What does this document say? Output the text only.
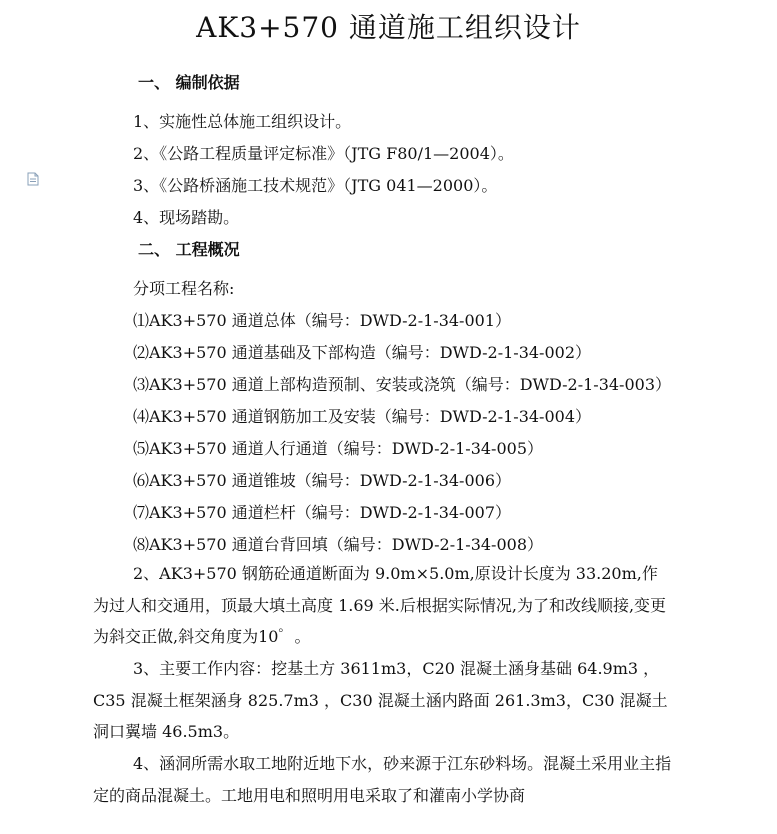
AK3+570 通道施工组织设计
一、 编制依据
1、实施性总体施工组织设计。
2、《公路工程质量评定标准》（JTG F80/1—2004）。
3、《公路桥涵施工技术规范》（JTG 041—2000）。
4、现场踏勘。
二、 工程概况
分项工程名称:
⑴AK3+570 通道总体（编号：DWD-2-1-34-001）
⑵AK3+570 通道基础及下部构造（编号：DWD-2-1-34-002）
⑶AK3+570 通道上部构造预制、安装或浇筑（编号：DWD-2-1-34-003）
⑷AK3+570 通道钢筋加工及安装（编号：DWD-2-1-34-004）
⑸AK3+570 通道人行通道（编号：DWD-2-1-34-005）
⑹AK3+570 通道锥坡（编号：DWD-2-1-34-006）
⑺AK3+570 通道栏杆（编号：DWD-2-1-34-007）
⑻AK3+570 通道台背回填（编号：DWD-2-1-34-008）
2、AK3+570 钢筋砼通道断面为 9.0m×5.0m,原设计长度为 33.20m,作为过人和交通用，顶最大填土高度 1.69 米.后根据实际情况,为了和改线顺接,变更为斜交正做,斜交角度为10゜。
3、主要工作内容：挖基土方 3611m3，C20 混凝土涵身基础 64.9m3 ，C35 混凝土框架涵身 825.7m3 ，C30 混凝土涵内路面 261.3m3，C30 混凝土洞口翼墙 46.5m3。
4、涵洞所需水取工地附近地下水，砂来源于江东砂料场。混凝土采用业主指定的商品混凝土。工地用电和照明用电采取了和灌南小学协商
